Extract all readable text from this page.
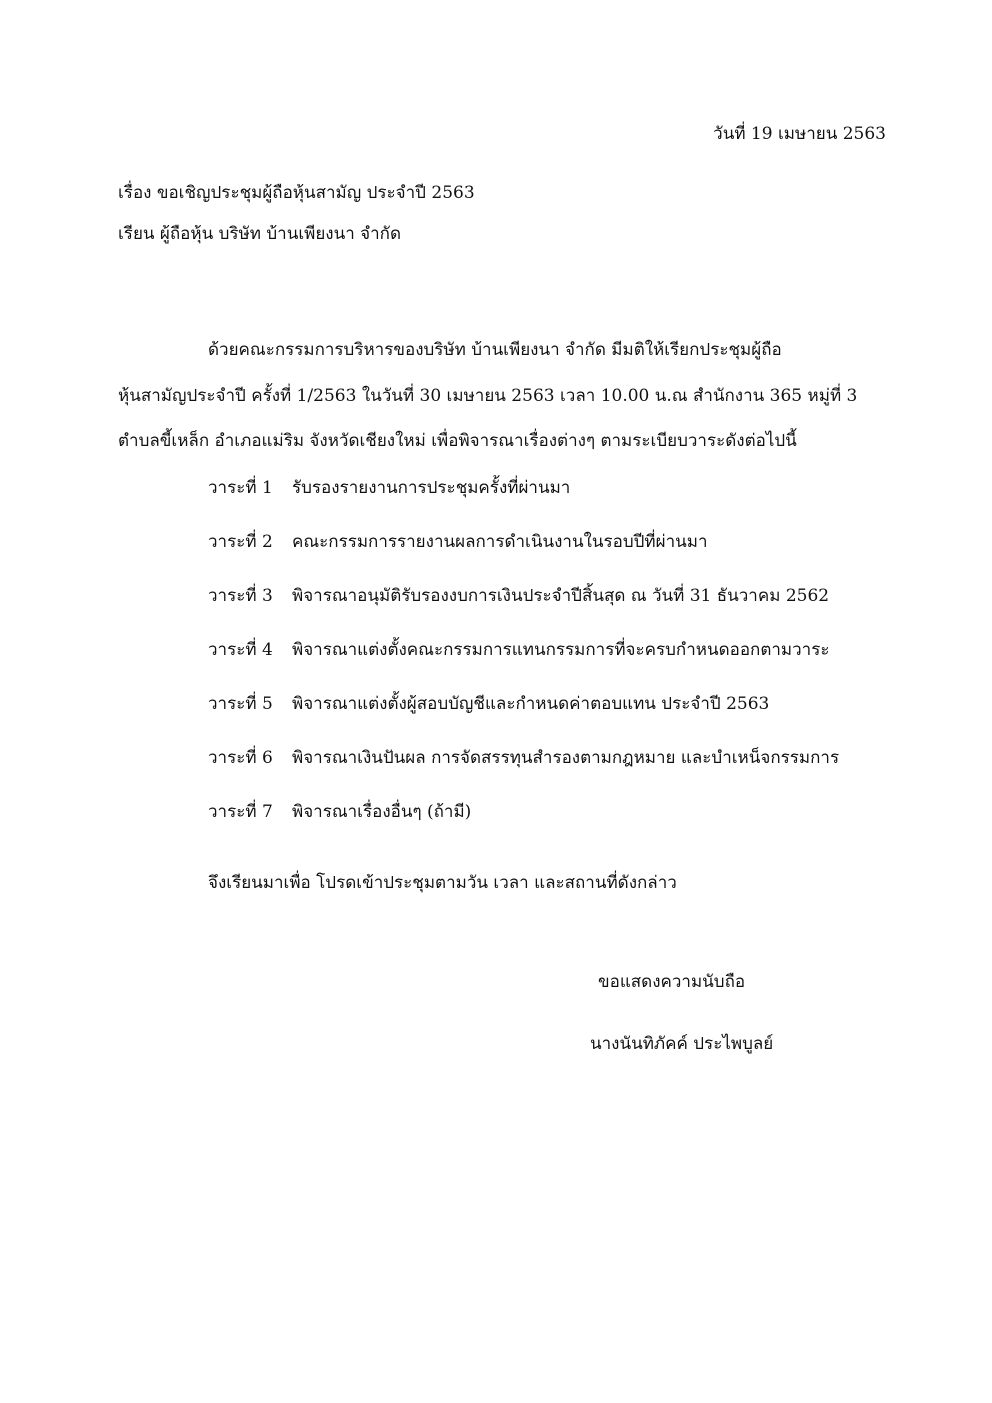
วันที่ 19 เมษายน 2563
เรื่อง ขอเชิญประชุมผู้ถือหุ้นสามัญ ประจำปี 2563
เรียน ผู้ถือหุ้น บริษัท บ้านเพียงนา จำกัด
ด้วยคณะกรรมการบริหารของบริษัท บ้านเพียงนา จำกัด มีมติให้เรียกประชุมผู้ถือ
หุ้นสามัญประจำปี ครั้งที่ 1/2563 ในวันที่ 30 เมษายน 2563 เวลา 10.00 น.ณ สำนักงาน 365 หมู่ที่ 3
ตำบลขี้เหล็ก อำเภอแม่ริม จังหวัดเชียงใหม่ เพื่อพิจารณาเรื่องต่างๆ ตามระเบียบวาระดังต่อไปนี้
วาระที่ 1 รับรองรายงานการประชุมครั้งที่ผ่านมา
วาระที่ 2 คณะกรรมการรายงานผลการดำเนินงานในรอบปีที่ผ่านมา
วาระที่ 3 พิจารณาอนุมัติรับรองงบการเงินประจำปีสิ้นสุด ณ วันที่ 31 ธันวาคม 2562
วาระที่ 4 พิจารณาแต่งตั้งคณะกรรมการแทนกรรมการที่จะครบกำหนดออกตามวาระ
วาระที่ 5 พิจารณาแต่งตั้งผู้สอบบัญชีและกำหนดค่าตอบแทน ประจำปี 2563
วาระที่ 6 พิจารณาเงินปันผล การจัดสรรทุนสำรองตามกฎหมาย และบำเหน็จกรรมการ
วาระที่ 7 พิจารณาเรื่องอื่นๆ (ถ้ามี)
จึงเรียนมาเพื่อ โปรดเข้าประชุมตามวัน เวลา และสถานที่ดังกล่าว
ขอแสดงความนับถือ
นางนันทิภัคค์ ประไพบูลย์
